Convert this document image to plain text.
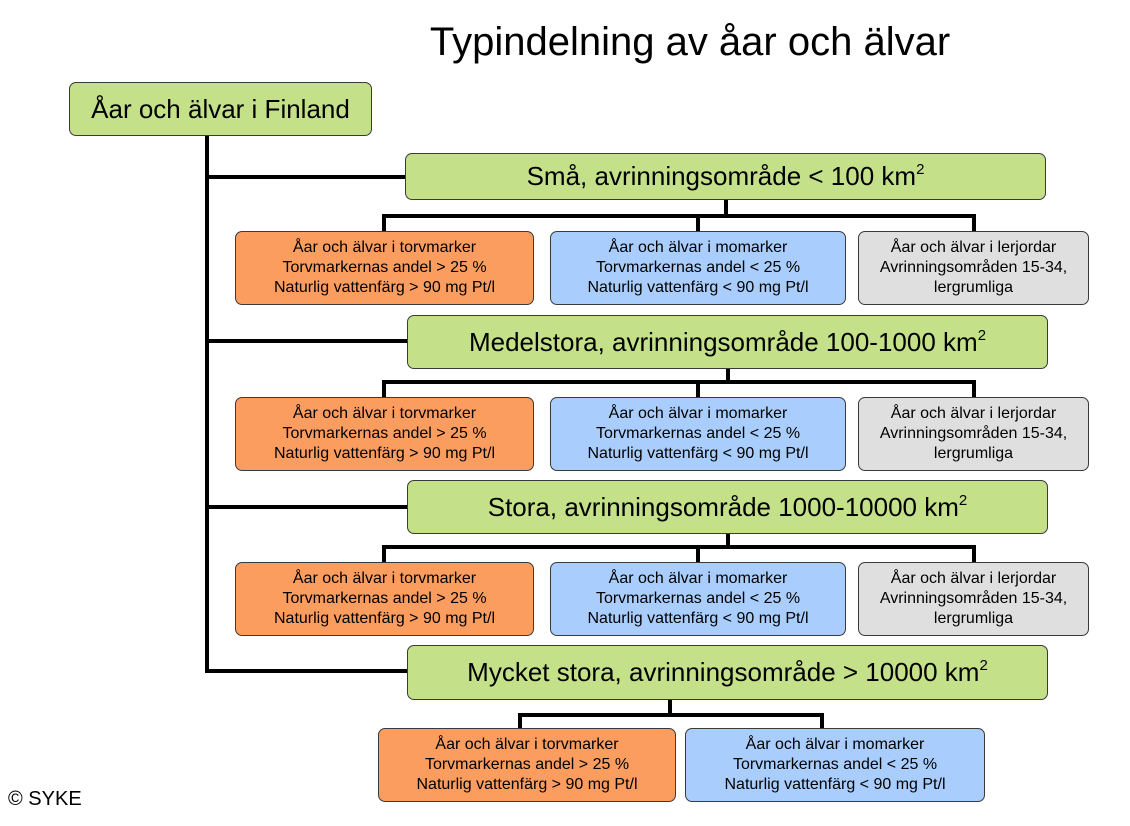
Typindelning av åar och älvar
Åar och älvar i Finland
Små, avrinningsområde < 100 $km^2$
Åar och älvar i torvmarker
Torvmarkernas andel > 25 %
Naturlig vattenfärg > 90 mg Pt/l
Åar och älvar i momarker
Torvmarkernas andel < 25 %
Naturlig vattenfärg < 90 mg Pt/l
Åar och älvar i lerjordar
Avrinningsområden 15-34,
lergrumliga
Medelstora, avrinningsområde 100-1000 $km^2$
Åar och älvar i torvmarker
Torvmarkernas andel > 25 %
Naturlig vattenfärg > 90 mg Pt/l
Åar och älvar i momarker
Torvmarkernas andel < 25 %
Naturlig vattenfärg < 90 mg Pt/l
Åar och älvar i lerjordar
Avrinningsområden 15-34,
lergrumliga
Stora, avrinningsområde 1000-10000 $km^2$
Åar och älvar i torvmarker
Torvmarkernas andel > 25 %
Naturlig vattenfärg > 90 mg Pt/l
Åar och älvar i momarker
Torvmarkernas andel < 25 %
Naturlig vattenfärg < 90 mg Pt/l
Åar och älvar i lerjordar
Avrinningsområden 15-34,
lergrumliga
Mycket stora, avrinningsområde > 10000 $km^2$
Åar och älvar i torvmarker
Torvmarkernas andel > 25 %
Naturlig vattenfärg > 90 mg Pt/l
Åar och älvar i momarker
Torvmarkernas andel < 25 %
Naturlig vattenfärg < 90 mg Pt/l
© SYKE
